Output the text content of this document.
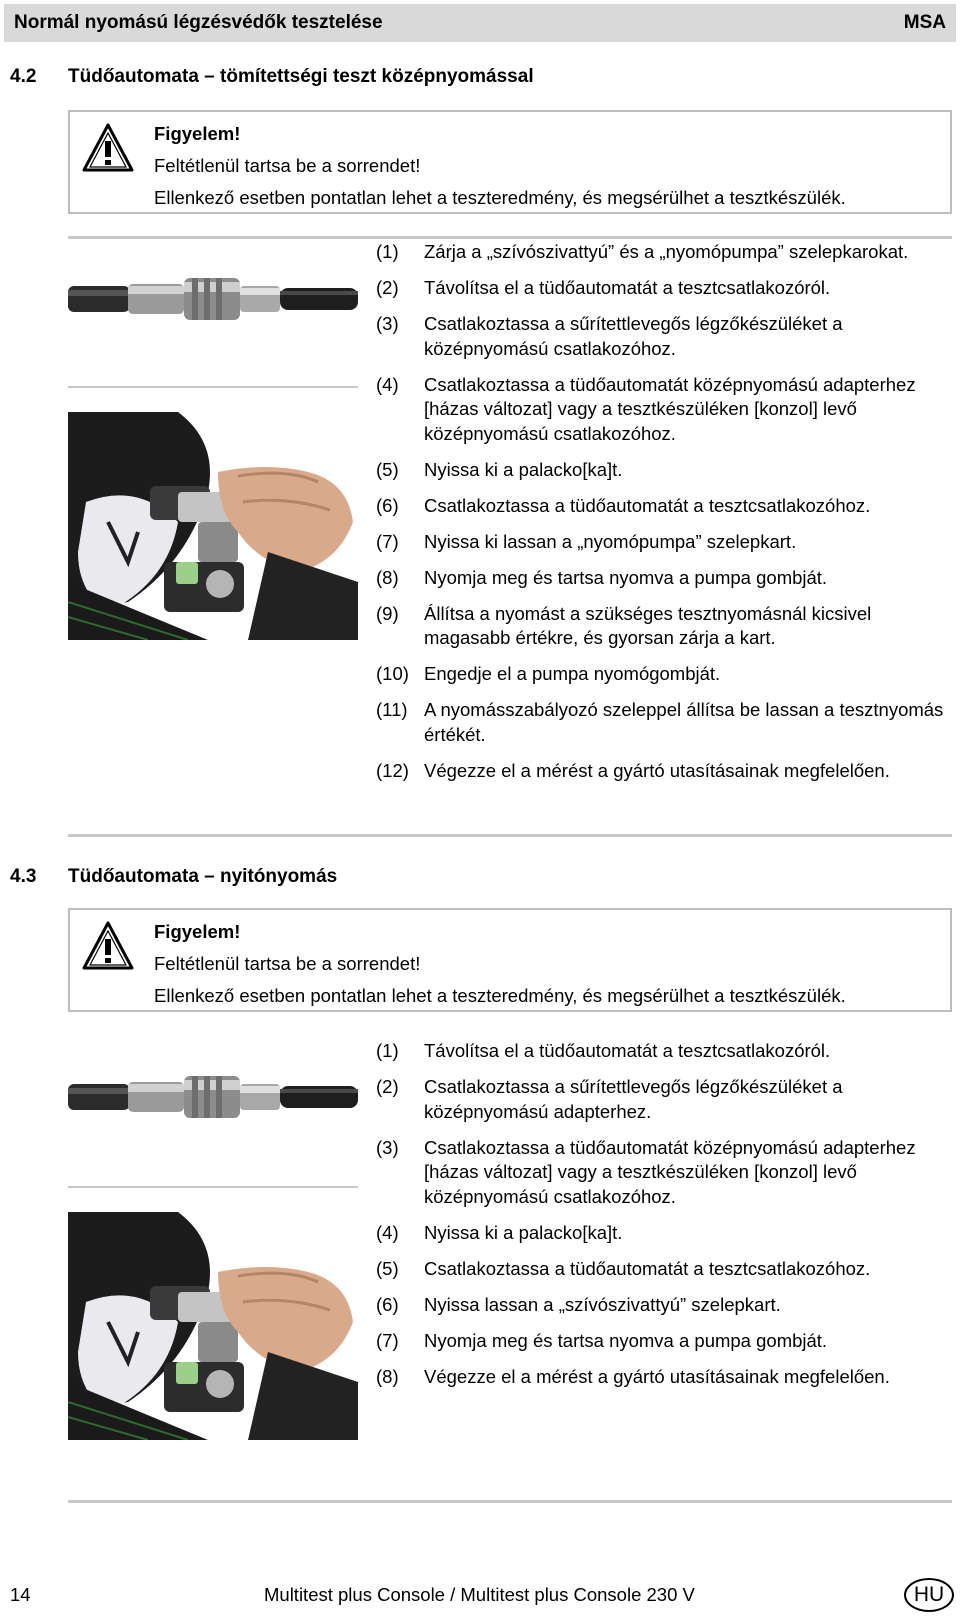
Normál nyomású légzésvédők tesztelése	MSA
4.2 Tüdőautomata – tömítettségi teszt középnyomással
Figyelem!
Feltétlenül tartsa be a sorrendet!
Ellenkező esetben pontatlan lehet a teszteredmény, és megsérülhet a tesztkészülék.
(1) Zárja a „szívószivattyú” és a „nyomópumpa” szelepkarokat.
(2) Távolítsa el a tüdőautomatát a tesztcsatlakozóról.
(3) Csatlakoztassa a sűrítettlevegős légzőkészüléket a középnyomású csatlakozóhoz.
(4) Csatlakoztassa a tüdőautomatát középnyomású adapterhez [házas változat] vagy a tesztkészüléken [konzol] levő középnyomású csatlakozóhoz.
(5) Nyissa ki a palacko[ka]t.
(6) Csatlakoztassa a tüdőautomatát a tesztcsatlakozóhoz.
(7) Nyissa ki lassan a „nyomópumpa” szelepkart.
(8) Nyomja meg és tartsa nyomva a pumpa gombját.
(9) Állítsa a nyomást a szükséges tesztnyomásnál kicsivel magasabb értékre, és gyorsan zárja a kart.
(10) Engedje el a pumpa nyomógombját.
(11) A nyomásszabályozó szeleppel állítsa be lassan a tesztnyomás értékét.
(12) Végezze el a mérést a gyártó utasításainak megfelelően.
4.3 Tüdőautomata – nyitónyomás
Figyelem!
Feltétlenül tartsa be a sorrendet!
Ellenkező esetben pontatlan lehet a teszteredmény, és megsérülhet a tesztkészülék.
(1) Távolítsa el a tüdőautomatát a tesztcsatlakozóról.
(2) Csatlakoztassa a sűrítettlevegős légzőkészüléket a középnyomású adapterhez.
(3) Csatlakoztassa a tüdőautomatát középnyomású adapterhez [házas változat] vagy a tesztkészüléken [konzol] levő középnyomású csatlakozóhoz.
(4) Nyissa ki a palacko[ka]t.
(5) Csatlakoztassa a tüdőautomatát a tesztcsatlakozóhoz.
(6) Nyissa lassan a „szívószivattyú” szelepkart.
(7) Nyomja meg és tartsa nyomva a pumpa gombját.
(8) Végezze el a mérést a gyártó utasításainak megfelelően.
14	Multitest plus Console / Multitest plus Console 230 V	HU
